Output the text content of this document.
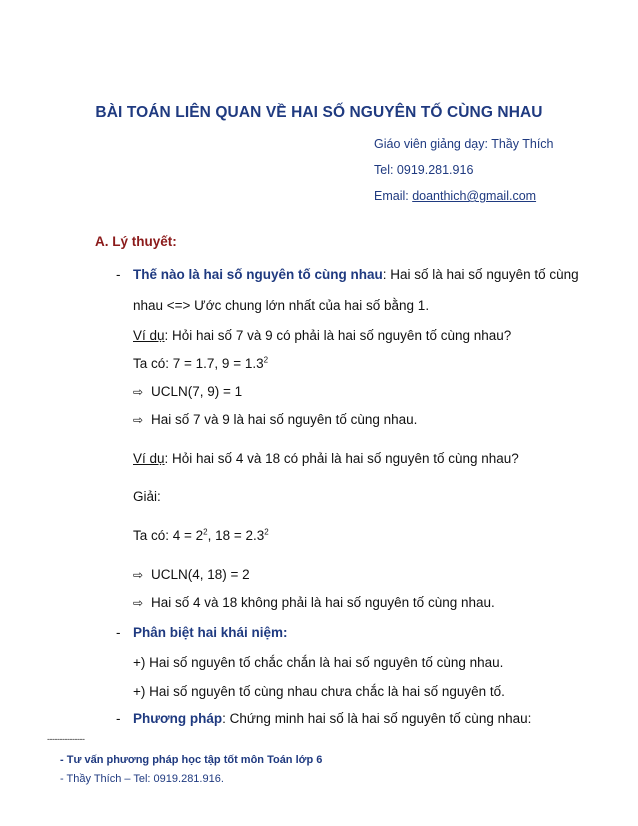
BÀI TOÁN LIÊN QUAN VỀ HAI SỐ NGUYÊN TỐ CÙNG NHAU
Giáo viên giảng dạy: Thầy Thích
Tel: 0919.281.916
Email: doanthich@gmail.com
A. Lý thuyết:
- Thế nào là hai số nguyên tố cùng nhau: Hai số là hai số nguyên tố cùng
nhau <=> Ước chung lớn nhất của hai số bằng 1.
Ví dụ: Hỏi hai số 7 và 9 có phải là hai số nguyên tố cùng nhau?
Ta có: 7 = 1.7, $9 = 1.3^2$
⇨ UCLN(7, 9) = 1
⇨ Hai số 7 và 9 là hai số nguyên tố cùng nhau.
Ví dụ: Hỏi hai số 4 và 18 có phải là hai số nguyên tố cùng nhau?
Giải:
Ta có: $4 = 2^2$, $18 = 2.3^2$
⇨ UCLN(4, 18) = 2
⇨ Hai số 4 và 18 không phải là hai số nguyên tố cùng nhau.
- Phân biệt hai khái niệm:
+) Hai số nguyên tố chắc chắn là hai số nguyên tố cùng nhau.
+) Hai số nguyên tố cùng nhau chưa chắc là hai số nguyên tố.
- Phương pháp: Chứng minh hai số là hai số nguyên tố cùng nhau:
---------------
- Tư vấn phương pháp học tập tốt môn Toán lớp 6
- Thầy Thích – Tel: 0919.281.916.
